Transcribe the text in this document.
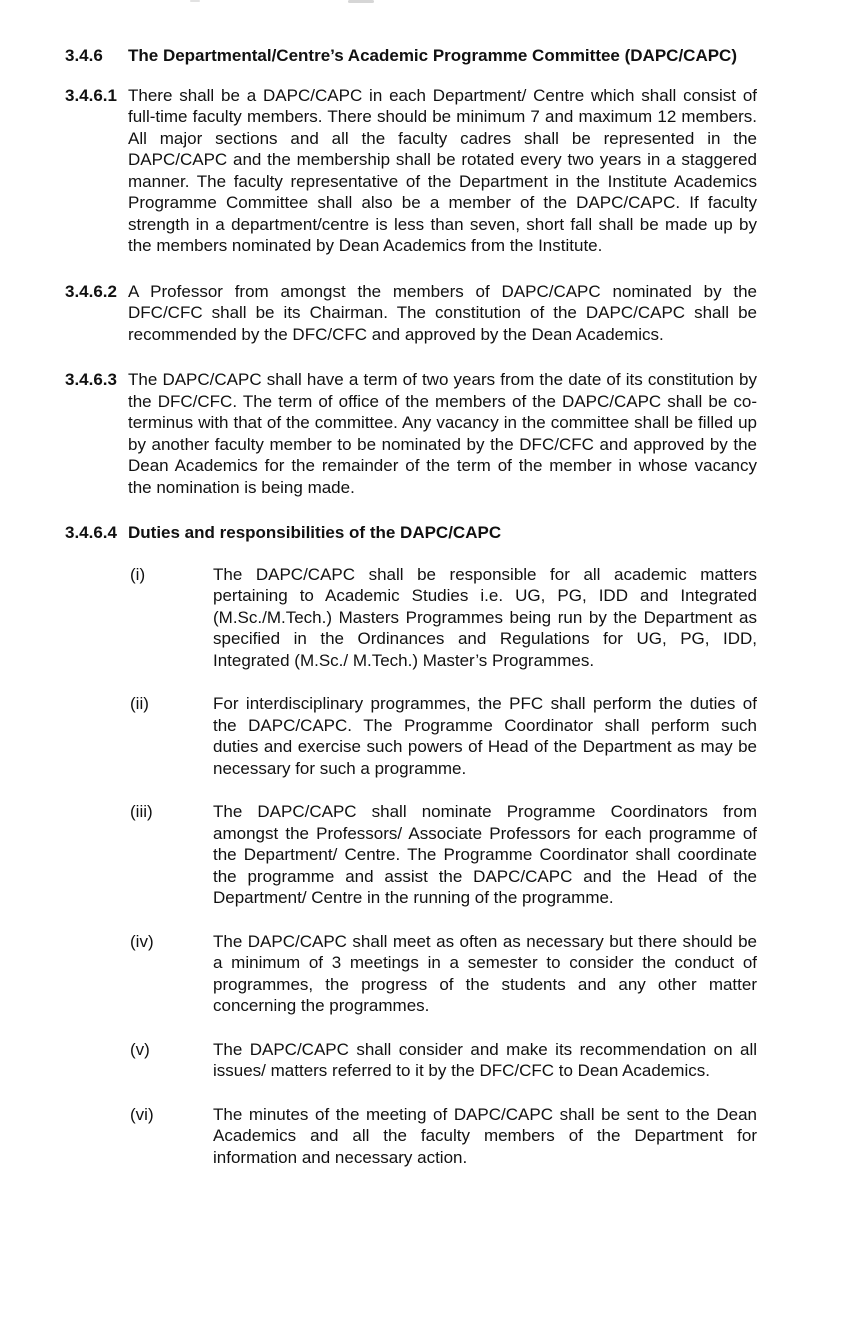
3.4.6	The Departmental/Centre’s Academic Programme Committee (DAPC/CAPC)
3.4.6.1 There shall be a DAPC/CAPC in each Department/ Centre which shall consist of full-time faculty members. There should be minimum 7 and maximum 12 members. All major sections and all the faculty cadres shall be represented in the DAPC/CAPC and the membership shall be rotated every two years in a staggered manner. The faculty representative of the Department in the Institute Academics Programme Committee shall also be a member of the DAPC/CAPC. If faculty strength in a department/centre is less than seven, short fall shall be made up by the members nominated by Dean Academics from the Institute.
3.4.6.2 A Professor from amongst the members of DAPC/CAPC nominated by the DFC/CFC shall be its Chairman. The constitution of the DAPC/CAPC shall be recommended by the DFC/CFC and approved by the Dean Academics.
3.4.6.3 The DAPC/CAPC shall have a term of two years from the date of its constitution by the DFC/CFC. The term of office of the members of the DAPC/CAPC shall be co-terminus with that of the committee. Any vacancy in the committee shall be filled up by another faculty member to be nominated by the DFC/CFC and approved by the Dean Academics for the remainder of the term of the member in whose vacancy the nomination is being made.
3.4.6.4 Duties and responsibilities of the DAPC/CAPC
(i)	The DAPC/CAPC shall be responsible for all academic matters pertaining to Academic Studies i.e. UG, PG, IDD and Integrated (M.Sc./M.Tech.) Masters Programmes being run by the Department as specified in the Ordinances and Regulations for UG, PG, IDD, Integrated (M.Sc./ M.Tech.) Master’s Programmes.
(ii)	For interdisciplinary programmes, the PFC shall perform the duties of the DAPC/CAPC. The Programme Coordinator shall perform such duties and exercise such powers of Head of the Department as may be necessary for such a programme.
(iii)	The DAPC/CAPC shall nominate Programme Coordinators from amongst the Professors/ Associate Professors for each programme of the Department/ Centre. The Programme Coordinator shall coordinate the programme and assist the DAPC/CAPC and the Head of the Department/ Centre in the running of the programme.
(iv)	The DAPC/CAPC shall meet as often as necessary but there should be a minimum of 3 meetings in a semester to consider the conduct of programmes, the progress of the students and any other matter concerning the programmes.
(v)	The DAPC/CAPC shall consider and make its recommendation on all issues/ matters referred to it by the DFC/CFC to Dean Academics.
(vi)	The minutes of the meeting of DAPC/CAPC shall be sent to the Dean Academics and all the faculty members of the Department for information and necessary action.
